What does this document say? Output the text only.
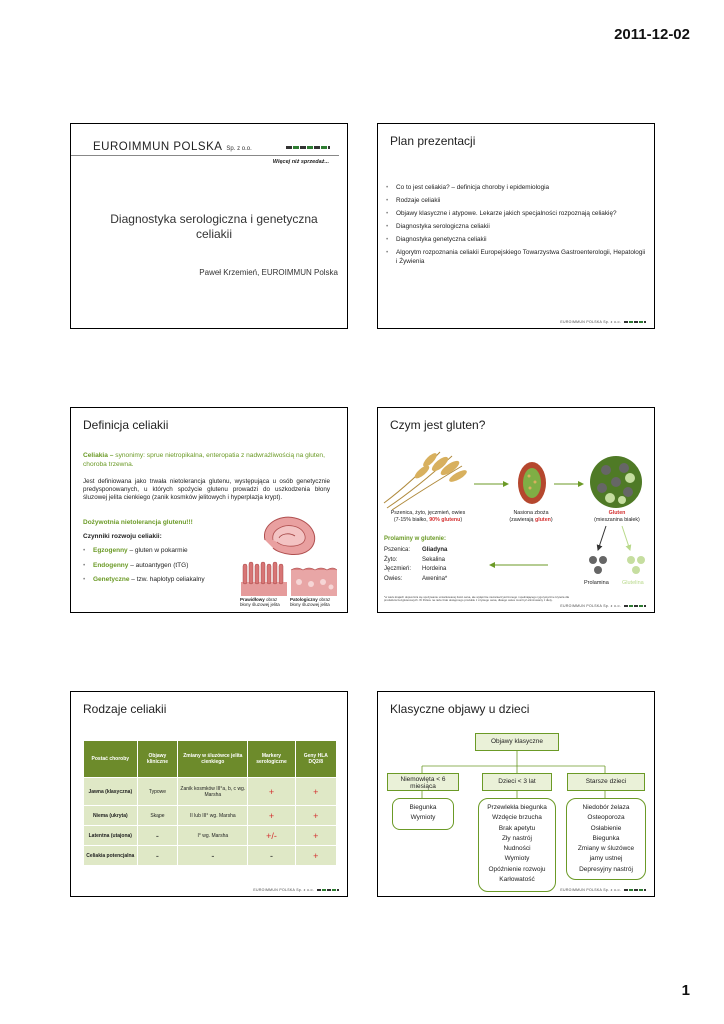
2011-12-02
1
EUROIMMUN POLSKA Sp. z o.o.
Więcej niż sprzedaż...
Diagnostyka serologiczna i genetyczna celiakii
Paweł Krzemień, EUROIMMUN Polska
Plan prezentacji
• Co to jest celiakia? – definicja choroby i epidemiologia
• Rodzaje celiakii
• Objawy klasyczne i atypowe. Lekarze jakich specjalności rozpoznają celiakię?
• Diagnostyka serologiczna celiakii
• Diagnostyka genetyczna celiakii
• Algorytm rozpoznania celiakii Europejskiego Towarzystwa Gastroenterologii, Hepatologii i Żywienia
EUROIMMUN POLSKA Sp. z o.o.
Definicja celiakii
Celiakia – synonimy: sprue nietropikalna, enteropatia z nadwrażliwością na gluten, choroba trzewna.
Jest definiowana jako trwała nietolerancja glutenu, występująca u osób genetycznie predysponowanych, u których spożycie glutenu prowadzi do uszkodzenia błony śluzowej jelita cienkiego (zanik kosmków jelitowych i hyperplazja krypt).
Dożywotnia nietolerancja glutenu!!!
Czynniki rozwoju celiakii:
• Egzogenny – gluten w pokarmie
• Endogenny – autoantygen (tTG)
• Genetyczne – tzw. haplotyp celiakalny
Prawidłowy obraz błony śluzowej jelita
Patologiczny obraz błony śluzowej jelita
Czym jest gluten?
Pszenica, żyto, jęczmień, owies
(7-15% białko, 90% glutenu)
Nasiona zboża
(zawierają gluten)
Gluten
(mieszanina białek)
Prolaminy w glutenie:
Pszenica: Gliadyna
Żyto:	Sekalina
Jęczmień: Hordeina
Owies:	Awenina*
Prolamina Glutelina
*w wielu krajach dopuszcza się spożywanie umiarkowanej ilości owsa, ale wyłącznie niezanieczyszczonego i spełniającego rygorystyczne kryteria dla produktów bezglutenowych. W Polsce na razie brak dostępnego produktu z czystego owsa, dlatego owies musi być eliminowany z diety.
EUROIMMUN POLSKA Sp. z o.o.
Rodzaje celiakii
Postać choroby	Objawy kliniczne	Zmiany w śluzówce jelita cienkiego	Markery serologiczne	Geny HLA DQ2/8
Jawna (klasyczna)	Typowe	Zanik kosmków III°a, b, c wg. Marsha	+	+
Niema (ukryta)	Skąpe	II lub III° wg. Marsha	+	+
Latentna (utajona)	-	I° wg. Marsha	+/-	+
Celiakia potencjalna	-	-	-	+
EUROIMMUN POLSKA Sp. z o.o.
Klasyczne objawy u dzieci
Objawy klasyczne
Niemowlęta < 6 miesiąca
Dzieci < 3 lat	Starsze dzieci
Biegunka
Wymioty
Przewlekła biegunka
Wzdęcie brzucha
Brak apetytu
Zły nastrój
Nudności
Wymioty
Opóźnienie rozwoju
Karłowatość
Niedobór żelaza
Osteoporoza
Osłabienie
Biegunka
Zmiany w śluzówce jamy ustnej
Depresyjny nastrój
EUROIMMUN POLSKA Sp. z o.o.
